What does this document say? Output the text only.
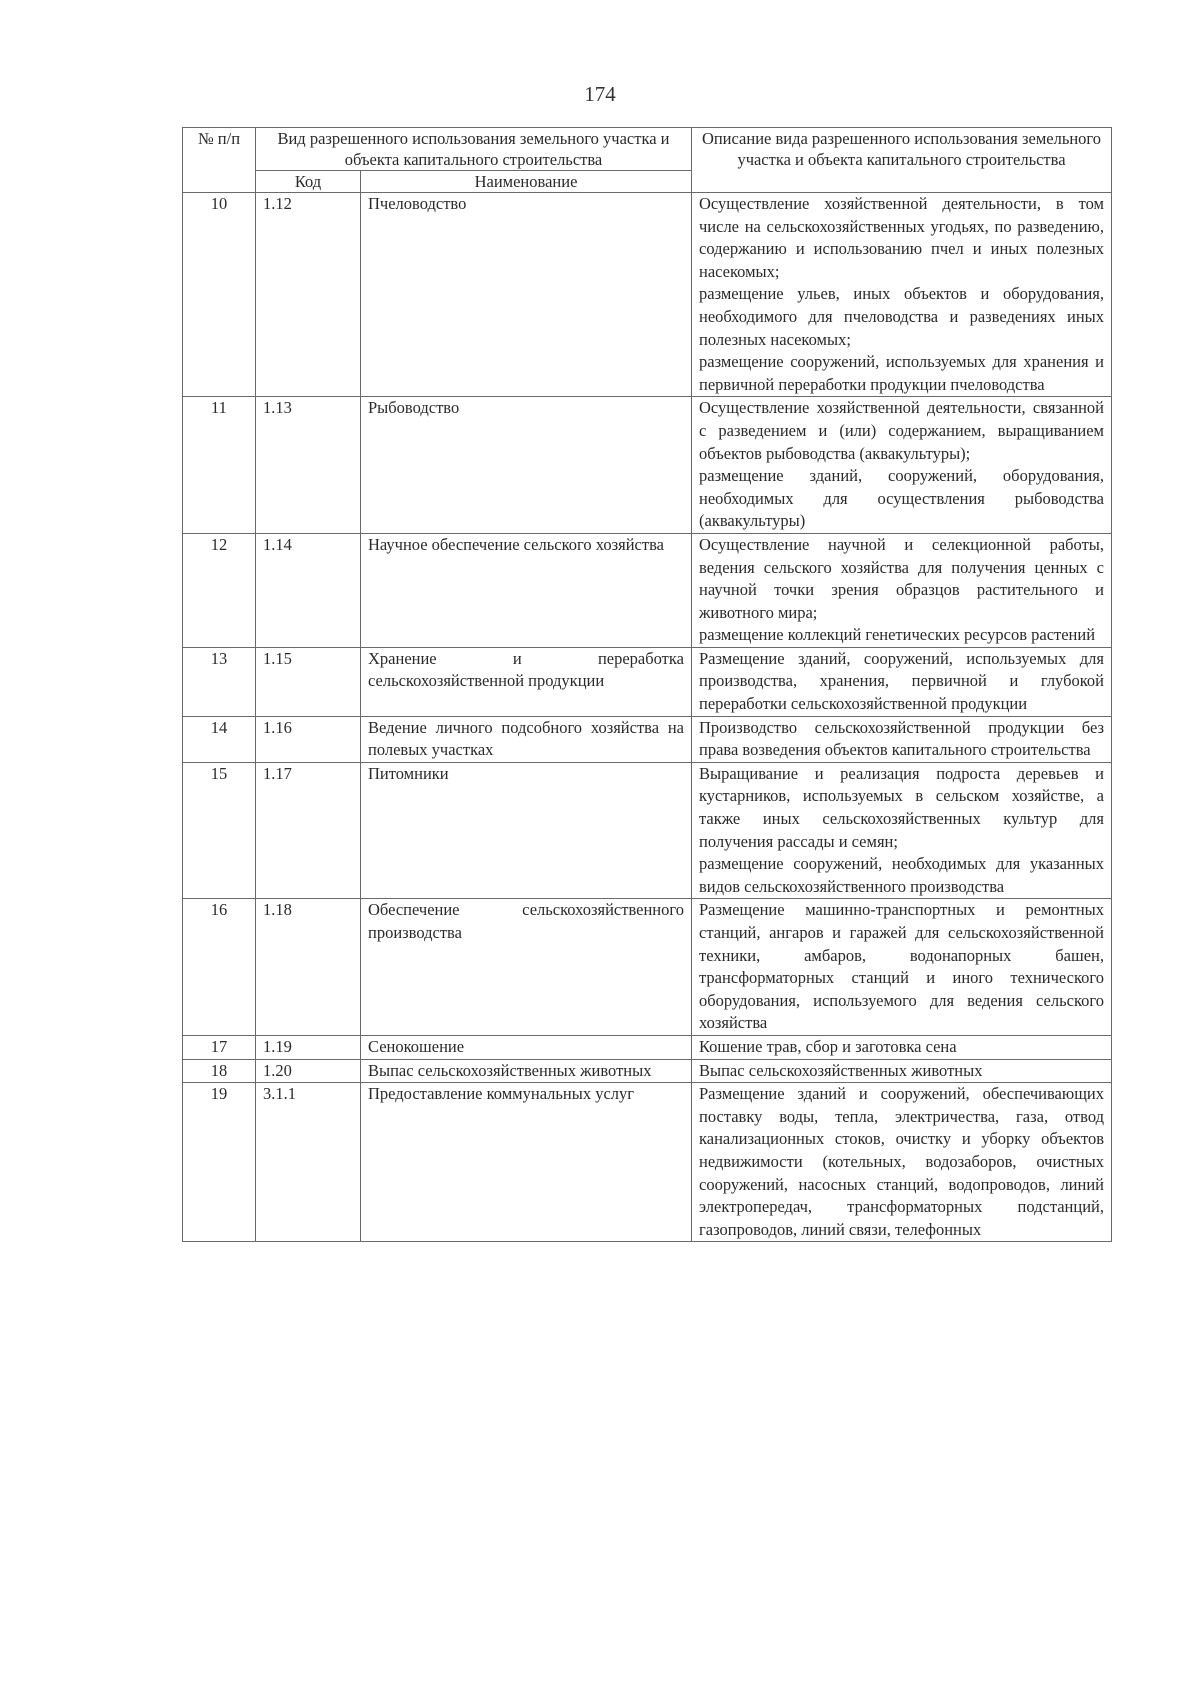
174
№ п/п	Вид разрешенного использования земельного участка и объекта капитального строительства		Описание вида разрешенного использования земельного участка и объекта капитального строительства
	Код	Наименование	
10	1.12	Пчеловодство	Осуществление хозяйственной деятельности, в том числе на сельскохозяйственных угодьях, по разведению, содержанию и использованию пчел и иных полезных насекомых;
размещение ульев, иных объектов и оборудования, необходимого для пчеловодства и разведениях иных полезных насекомых;
размещение сооружений, используемых для хранения и первичной переработки продукции пчеловодства

11	1.13	Рыбоводство	Осуществление хозяйственной деятельности, связанной с разведением и (или) содержанием, выращиванием объектов рыбоводства (аквакультуры);
размещение зданий, сооружений, оборудования, необходимых для осуществления рыбоводства (аквакультуры)

12	1.14	Научное обеспечение сельского хозяйства	Осуществление научной и селекционной работы, ведения сельского хозяйства для получения ценных с научной точки зрения образцов растительного и животного мира;
размещение коллекций генетических ресурсов растений

13	1.15	Хранение и переработка сельскохозяйственной продукции	Размещение зданий, сооружений, используемых для производства, хранения, первичной и глубокой переработки сельскохозяйственной продукции

14	1.16	Ведение личного подсобного хозяйства на полевых участках	Производство сельскохозяйственной продукции без права возведения объектов капитального строительства

15	1.17	Питомники	Выращивание и реализация подроста деревьев и кустарников, используемых в сельском хозяйстве, а также иных сельскохозяйственных культур для получения рассады и семян;
размещение сооружений, необходимых для указанных видов сельскохозяйственного производства

16	1.18	Обеспечение сельскохозяйственного производства	Размещение машинно-транспортных и ремонтных станций, ангаров и гаражей для сельскохозяйственной техники, амбаров, водонапорных башен, трансформаторных станций и иного технического оборудования, используемого для ведения сельского хозяйства

17	1.19	Сенокошение	Кошение трав, сбор и заготовка сена

18	1.20	Выпас сельскохозяйственных животных	Выпас сельскохозяйственных животных

19	3.1.1	Предоставление коммунальных услуг	Размещение зданий и сооружений, обеспечивающих поставку воды, тепла, электричества, газа, отвод канализационных стоков, очистку и уборку объектов недвижимости (котельных, водозаборов, очистных сооружений, насосных станций, водопроводов, линий электропередач, трансформаторных подстанций, газопроводов, линий связи, телефонных
